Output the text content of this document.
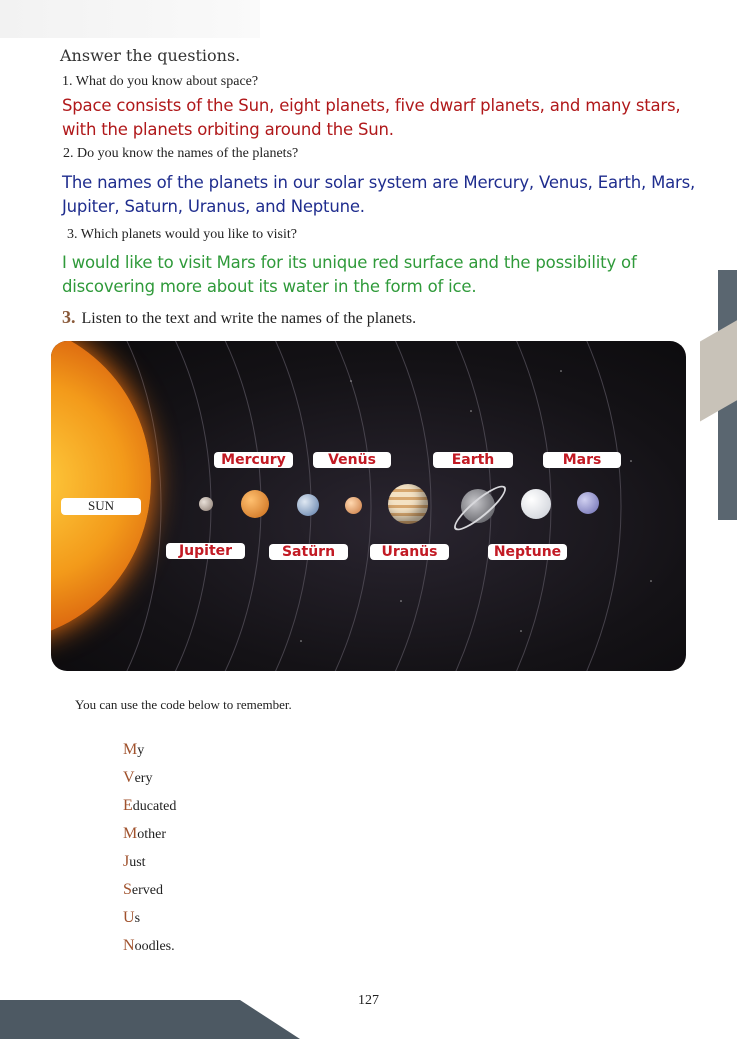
Answer the questions.
1. What do you know about space?
Space consists of the Sun, eight planets, five dwarf planets, and many stars, with the planets orbiting around the Sun.
2. Do you know the names of the planets?
The names of the planets in our solar system are Mercury, Venus, Earth, Mars, Jupiter, Saturn, Uranus, and Neptune.
3. Which planets would you like to visit?
I would like to visit Mars for its unique red surface and the possibility of discovering more about its water in the form of ice.
3. Listen to the text and write the names of the planets.
SUN
Mercury	Venüs	Earth	Mars
Jupiter	Satürn	Uranüs	Neptune
You can use the code below to remember.
My
Very
Educated
Mother
Just
Served
Us
Noodles.
127
